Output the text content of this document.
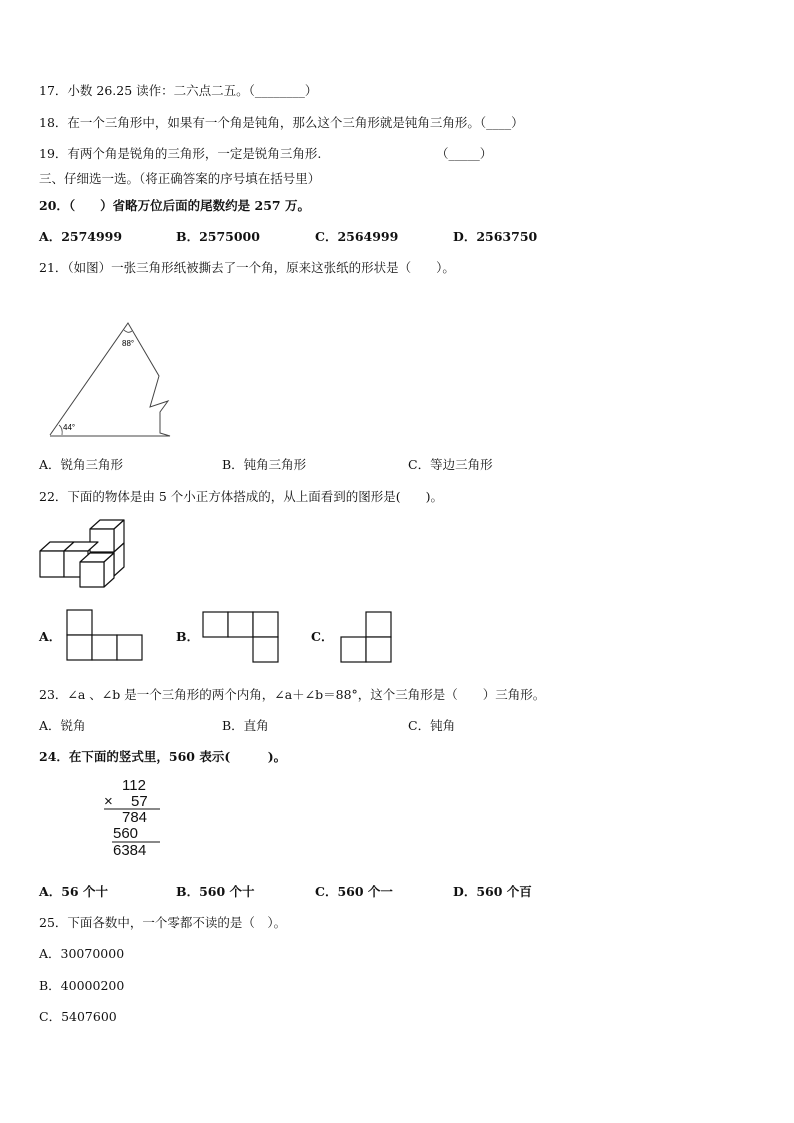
17．小数 26.25 读作：二六点二五。（________）
18．在一个三角形中，如果有一个角是钝角，那么这个三角形就是钝角三角形。（____）
19．有两个角是锐角的三角形，一定是锐角三角形.	（_____）
三、仔细选一选。（将正确答案的序号填在括号里）
20．（　　）省略万位后面的尾数约是 257 万。
A．2574999	B．2575000	C．2564999	D．2563750
21．（如图）一张三角形纸被撕去了一个角，原来这张纸的形状是（　　）。
88°
44°
A．锐角三角形	B．钝角三角形	C．等边三角形
22．下面的物体是由 5 个小正方体搭成的，从上面看到的图形是(　　)。
A．	B．	C．
23．∠a 、∠b 是一个三角形的两个内角，∠a＋∠b＝88°，这个三角形是（　　）三角形。
A．锐角	B．直角	C．钝角
24．在下面的竖式里，560 表示(　　　)。
112
× 57
784
560
6384
A．56 个十	B．560 个十	C．560 个一	D．560 个百
25．下面各数中，一个零都不读的是（　）。
A．30070000
B．40000200
C．5407600
